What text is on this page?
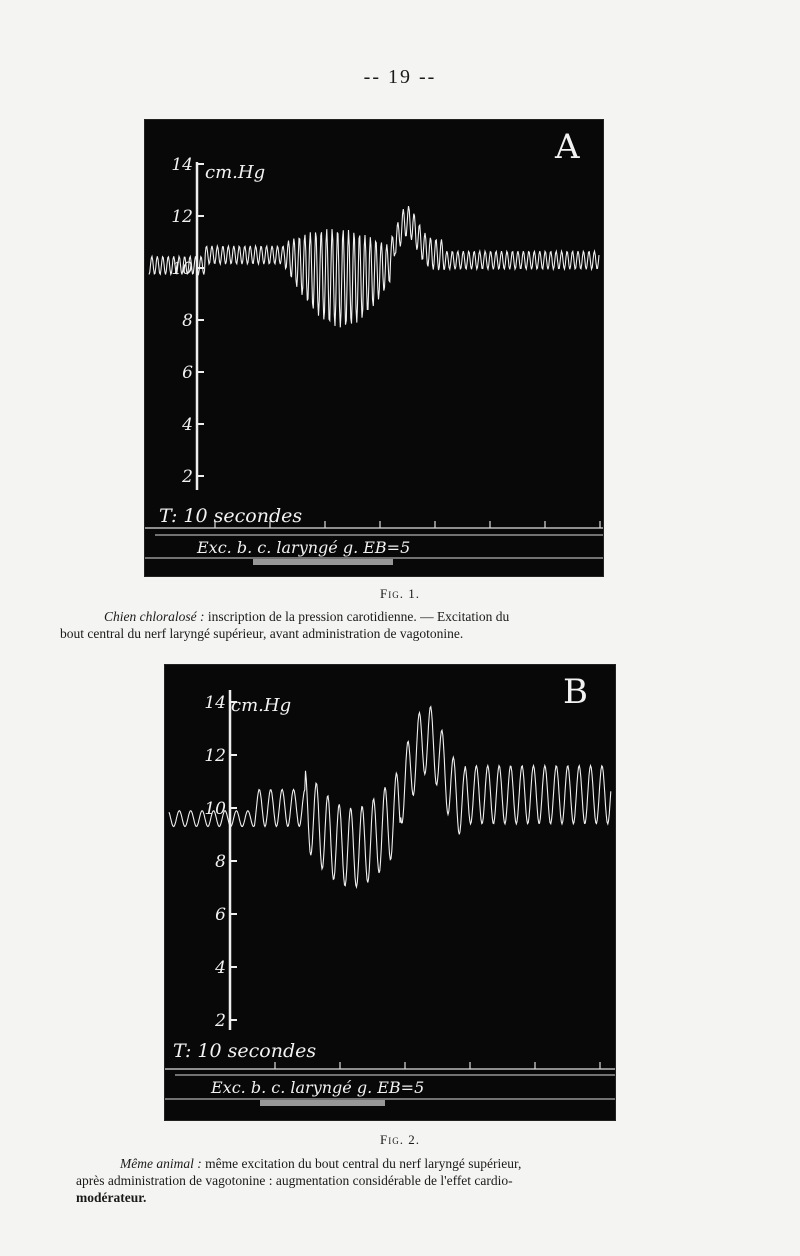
-- 19 --
A
cm.Hg
14
12
10
8
6
4
2
T: 10 secondes
Exc. b. c. laryngé g. EB=5
Fig. 1.
Chien chloralosé : inscription de la pression carotidienne. — Excitation du
bout central du nerf laryngé supérieur, avant administration de vagotonine.
B
cm.Hg
14
12
10
8
6
4
2
T: 10 secondes
Exc. b. c. laryngé g. EB=5
Fig. 2.
Même animal : même excitation du bout central du nerf laryngé supérieur,
après administration de vagotonine : augmentation considérable de l'effet cardio-
modérateur.
